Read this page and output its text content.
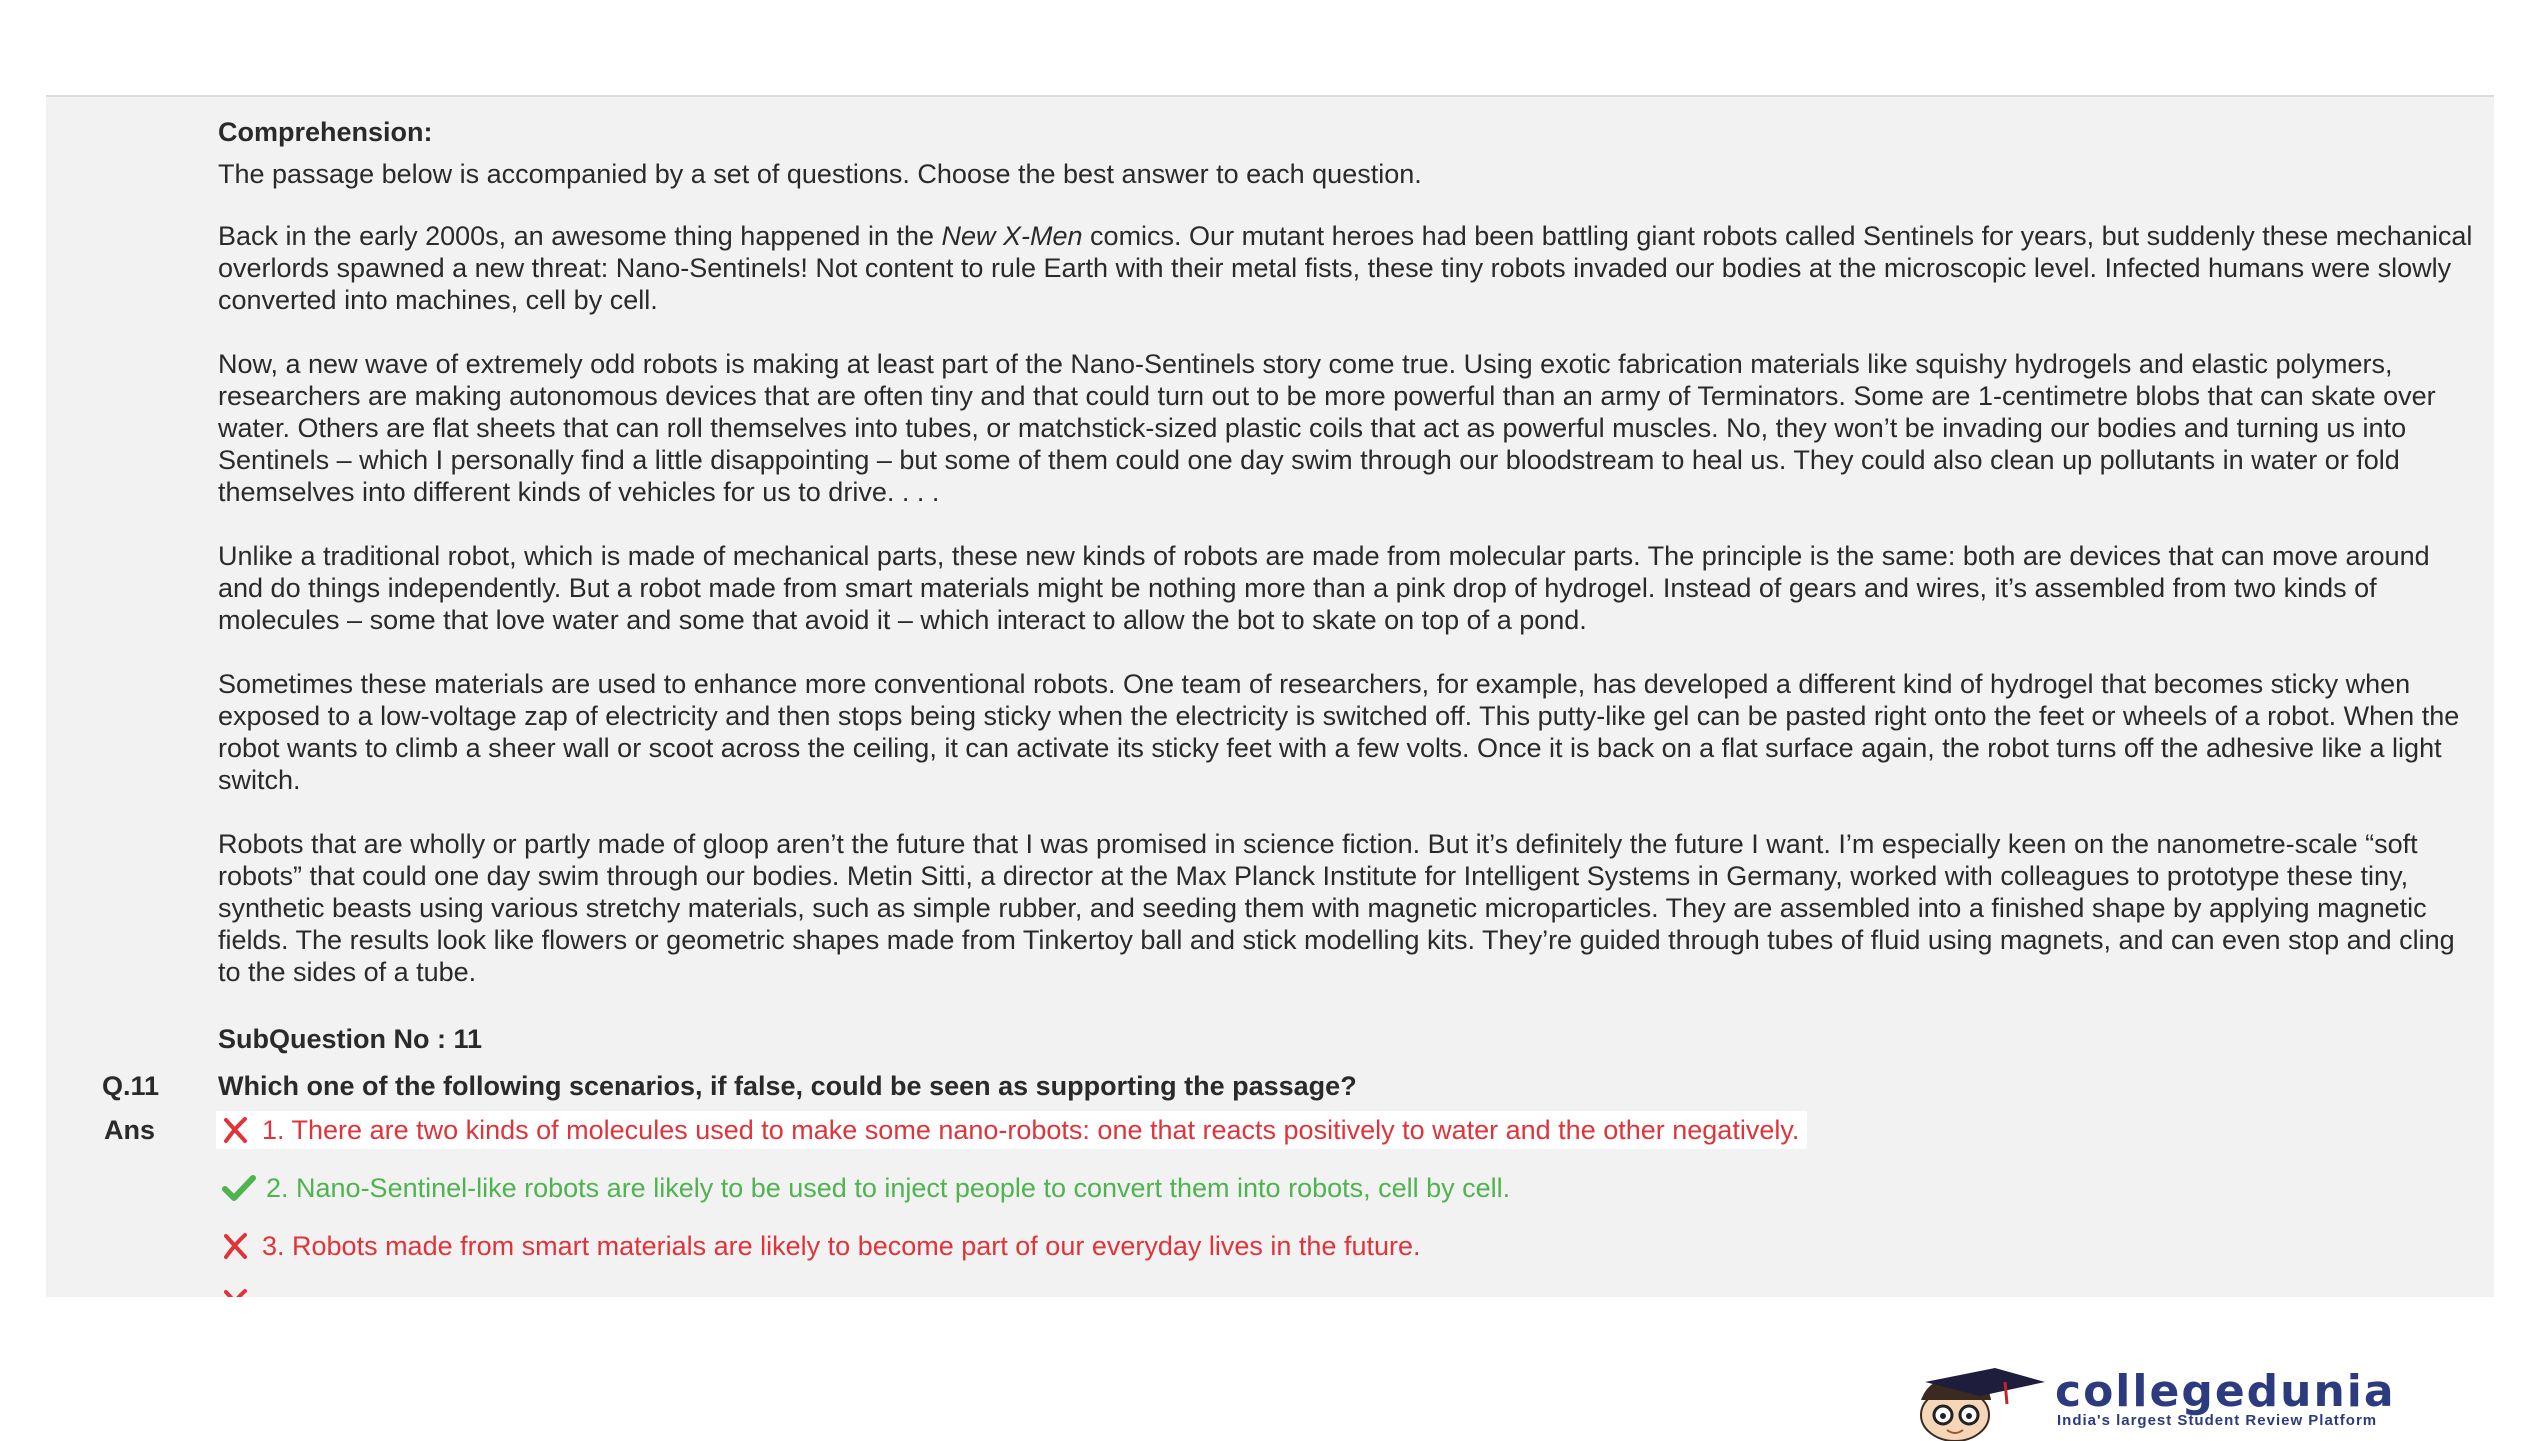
Comprehension:
The passage below is accompanied by a set of questions. Choose the best answer to each question.

Back in the early 2000s, an awesome thing happened in the New X-Men comics. Our mutant heroes had been battling giant robots called Sentinels for years, but suddenly these mechanical overlords spawned a new threat: Nano-Sentinels! Not content to rule Earth with their metal fists, these tiny robots invaded our bodies at the microscopic level. Infected humans were slowly converted into machines, cell by cell.

Now, a new wave of extremely odd robots is making at least part of the Nano-Sentinels story come true. Using exotic fabrication materials like squishy hydrogels and elastic polymers, researchers are making autonomous devices that are often tiny and that could turn out to be more powerful than an army of Terminators. Some are 1-centimetre blobs that can skate over water. Others are flat sheets that can roll themselves into tubes, or matchstick-sized plastic coils that act as powerful muscles. No, they won’t be invading our bodies and turning us into Sentinels – which I personally find a little disappointing – but some of them could one day swim through our bloodstream to heal us. They could also clean up pollutants in water or fold themselves into different kinds of vehicles for us to drive. . . .

Unlike a traditional robot, which is made of mechanical parts, these new kinds of robots are made from molecular parts. The principle is the same: both are devices that can move around and do things independently. But a robot made from smart materials might be nothing more than a pink drop of hydrogel. Instead of gears and wires, it’s assembled from two kinds of molecules – some that love water and some that avoid it – which interact to allow the bot to skate on top of a pond.

Sometimes these materials are used to enhance more conventional robots. One team of researchers, for example, has developed a different kind of hydrogel that becomes sticky when exposed to a low-voltage zap of electricity and then stops being sticky when the electricity is switched off. This putty-like gel can be pasted right onto the feet or wheels of a robot. When the robot wants to climb a sheer wall or scoot across the ceiling, it can activate its sticky feet with a few volts. Once it is back on a flat surface again, the robot turns off the adhesive like a light switch.

Robots that are wholly or partly made of gloop aren’t the future that I was promised in science fiction. But it’s definitely the future I want. I’m especially keen on the nanometre-scale “soft robots” that could one day swim through our bodies. Metin Sitti, a director at the Max Planck Institute for Intelligent Systems in Germany, worked with colleagues to prototype these tiny, synthetic beasts using various stretchy materials, such as simple rubber, and seeding them with magnetic microparticles. They are assembled into a finished shape by applying magnetic fields. The results look like flowers or geometric shapes made from Tinkertoy ball and stick modelling kits. They’re guided through tubes of fluid using magnets, and can even stop and cling to the sides of a tube.

SubQuestion No : 11
Q.11 Which one of the following scenarios, if false, could be seen as supporting the passage?
Ans	1. There are two kinds of molecules used to make some nano-robots: one that reacts positively to water and the other negatively.
2. Nano-Sentinel-like robots are likely to be used to inject people to convert them into robots, cell by cell.
3. Robots made from smart materials are likely to become part of our everyday lives in the future.
collegedunia
India's largest Student Review Platform
